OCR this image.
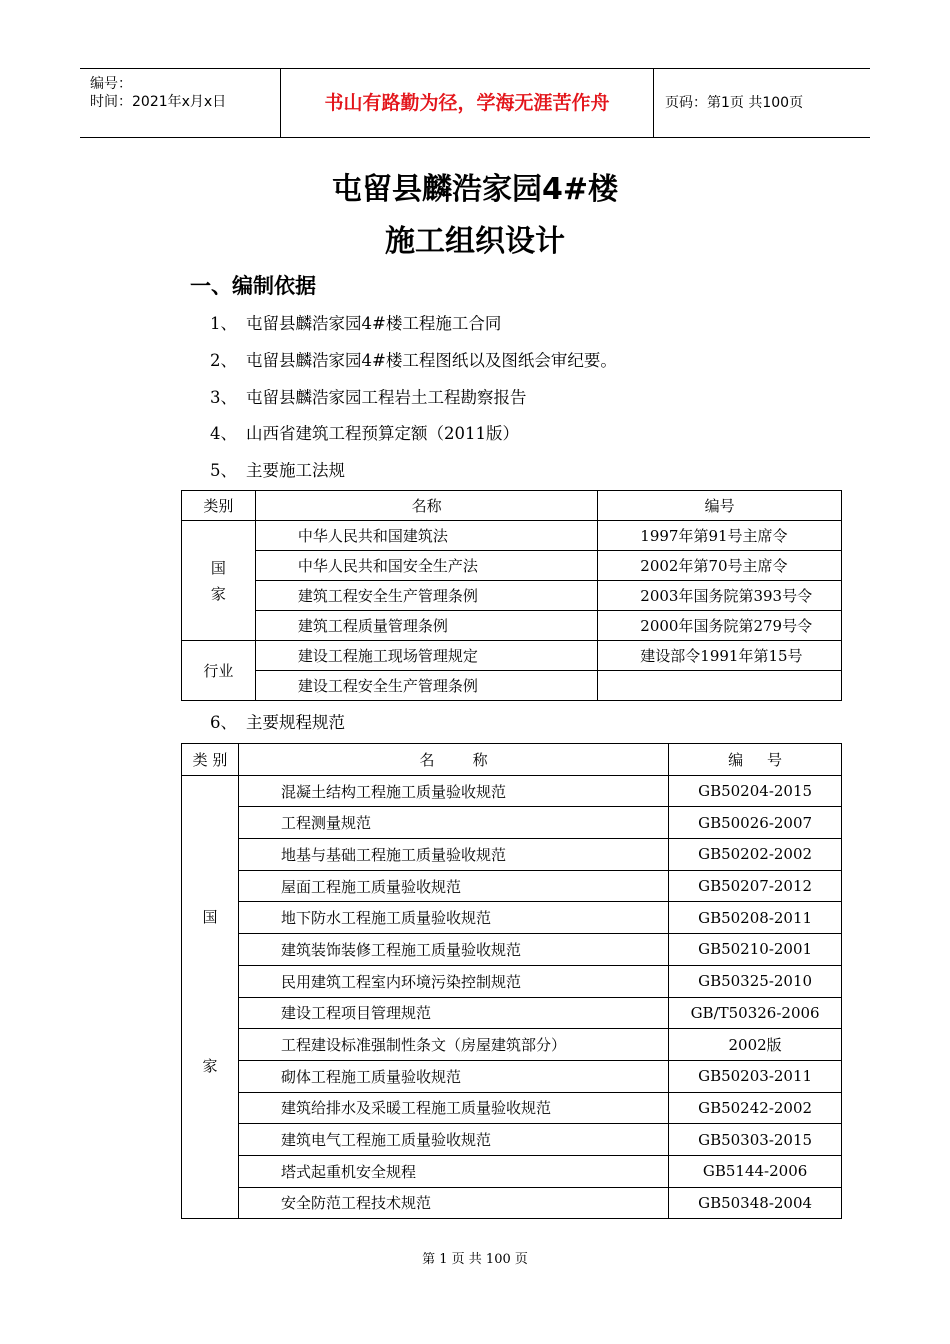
编号：
时间：2021年x月x日	书山有路勤为径，学海无涯苦作舟	页码：第1页 共100页
屯留县麟浩家园4#楼
施工组织设计
一、编制依据
1、 屯留县麟浩家园4#楼工程施工合同
2、 屯留县麟浩家园4#楼工程图纸以及图纸会审纪要。
3、 屯留县麟浩家园工程岩土工程勘察报告
4、 山西省建筑工程预算定额（2011版）
5、 主要施工法规
类别	名称	编号
国
家	中华人民共和国建筑法	1997年第91号主席令
	中华人民共和国安全生产法	2002年第70号主席令
	建筑工程安全生产管理条例	2003年国务院第393号令
	建筑工程质量管理条例	2000年国务院第279号令
行业	建设工程施工现场管理规定	建设部令1991年第15号
	建设工程安全生产管理条例	
6、 主要规程规范
类 别	名        称	编     号

国
家	混凝土结构工程施工质量验收规范	GB50204-2015
	工程测量规范	GB50026-2007
	地基与基础工程施工质量验收规范	GB50202-2002
	屋面工程施工质量验收规范	GB50207-2012
	地下防水工程施工质量验收规范	GB50208-2011
	建筑装饰装修工程施工质量验收规范	GB50210-2001
	民用建筑工程室内环境污染控制规范	GB50325-2010
	建设工程项目管理规范	GB/T50326-2006
	工程建设标准强制性条文（房屋建筑部分）	2002版
	砌体工程施工质量验收规范	GB50203-2011
	建筑给排水及采暖工程施工质量验收规范	GB50242-2002
	建筑电气工程施工质量验收规范	GB50303-2015
	塔式起重机安全规程	GB5144-2006
	安全防范工程技术规范	GB50348-2004
第 1 页 共 100 页
